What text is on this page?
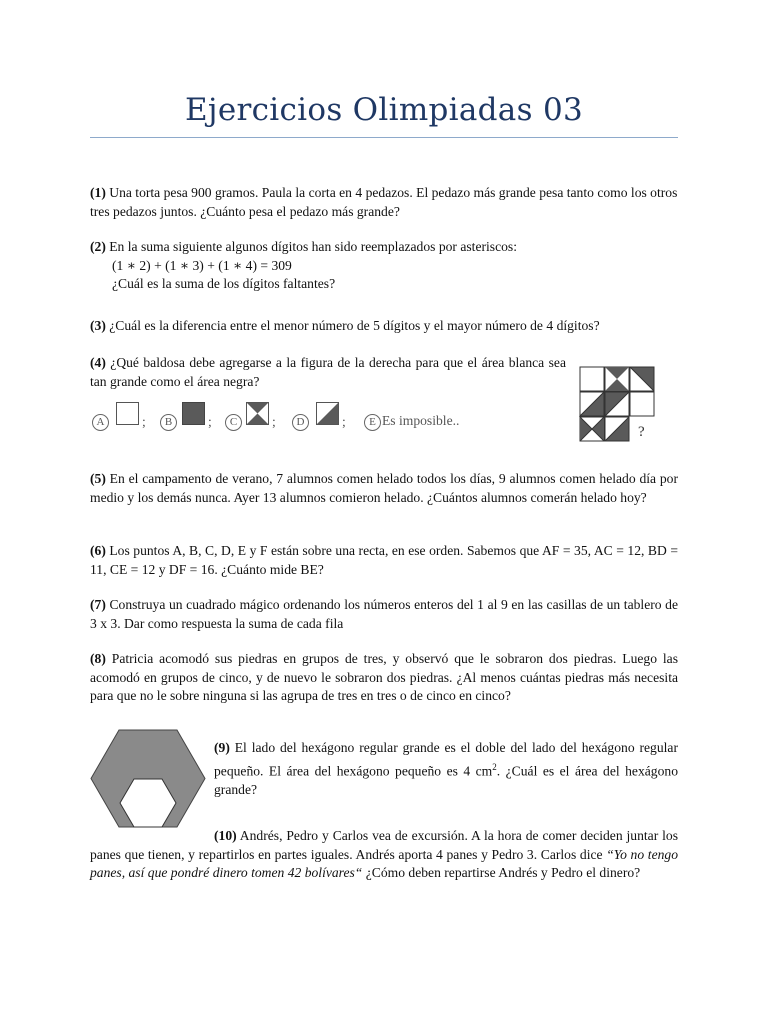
Ejercicios Olimpiadas 03
(1) Una torta pesa 900 gramos. Paula la corta en 4 pedazos. El pedazo más grande pesa tanto como los otros tres pedazos juntos. ¿Cuánto pesa el pedazo más grande?
(2) En la suma siguiente algunos dígitos han sido reemplazados por asteriscos:
(1 ∗ 2) + (1 ∗ 3) + (1 ∗ 4) = 309
¿Cuál es la suma de los dígitos faltantes?
(3) ¿Cuál es la diferencia entre el menor número de 5 dígitos y el mayor número de 4 dígitos?
(4) ¿Qué baldosa debe agregarse a la figura de la derecha para que el área blanca sea tan grande como el área negra?
A	;	B	;	C	;	D	;	E Es imposible..
?
(5) En el campamento de verano, 7 alumnos comen helado todos los días, 9 alumnos comen helado día por medio y los demás nunca. Ayer 13 alumnos comieron helado. ¿Cuántos alumnos comerán helado hoy?
(6) Los puntos A, B, C, D, E y F están sobre una recta, en ese orden. Sabemos que AF = 35, AC = 12, BD = 11, CE = 12 y DF = 16. ¿Cuánto mide BE?
(7) Construya un cuadrado mágico ordenando los números enteros del 1 al 9 en las casillas de un tablero de 3 x 3. Dar como respuesta la suma de cada fila
(8) Patricia acomodó sus piedras en grupos de tres, y observó que le sobraron dos piedras. Luego las acomodó en grupos de cinco, y de nuevo le sobraron dos piedras. ¿Al menos cuántas piedras más necesita para que no le sobre ninguna si las agrupa de tres en tres o de cinco en cinco?
(9) El lado del hexágono regular grande es el doble del lado del hexágono regular pequeño. El área del hexágono pequeño es 4 $cm^2$. ¿Cuál es el área del hexágono grande?
(10) Andrés, Pedro y Carlos vea de excursión. A la hora de comer deciden juntar los panes que tienen, y repartirlos en partes iguales. Andrés aporta 4 panes y Pedro 3. Carlos dice “Yo no tengo panes, así que pondré dinero tomen 42 bolívares“ ¿Cómo deben repartirse Andrés y Pedro el dinero?
